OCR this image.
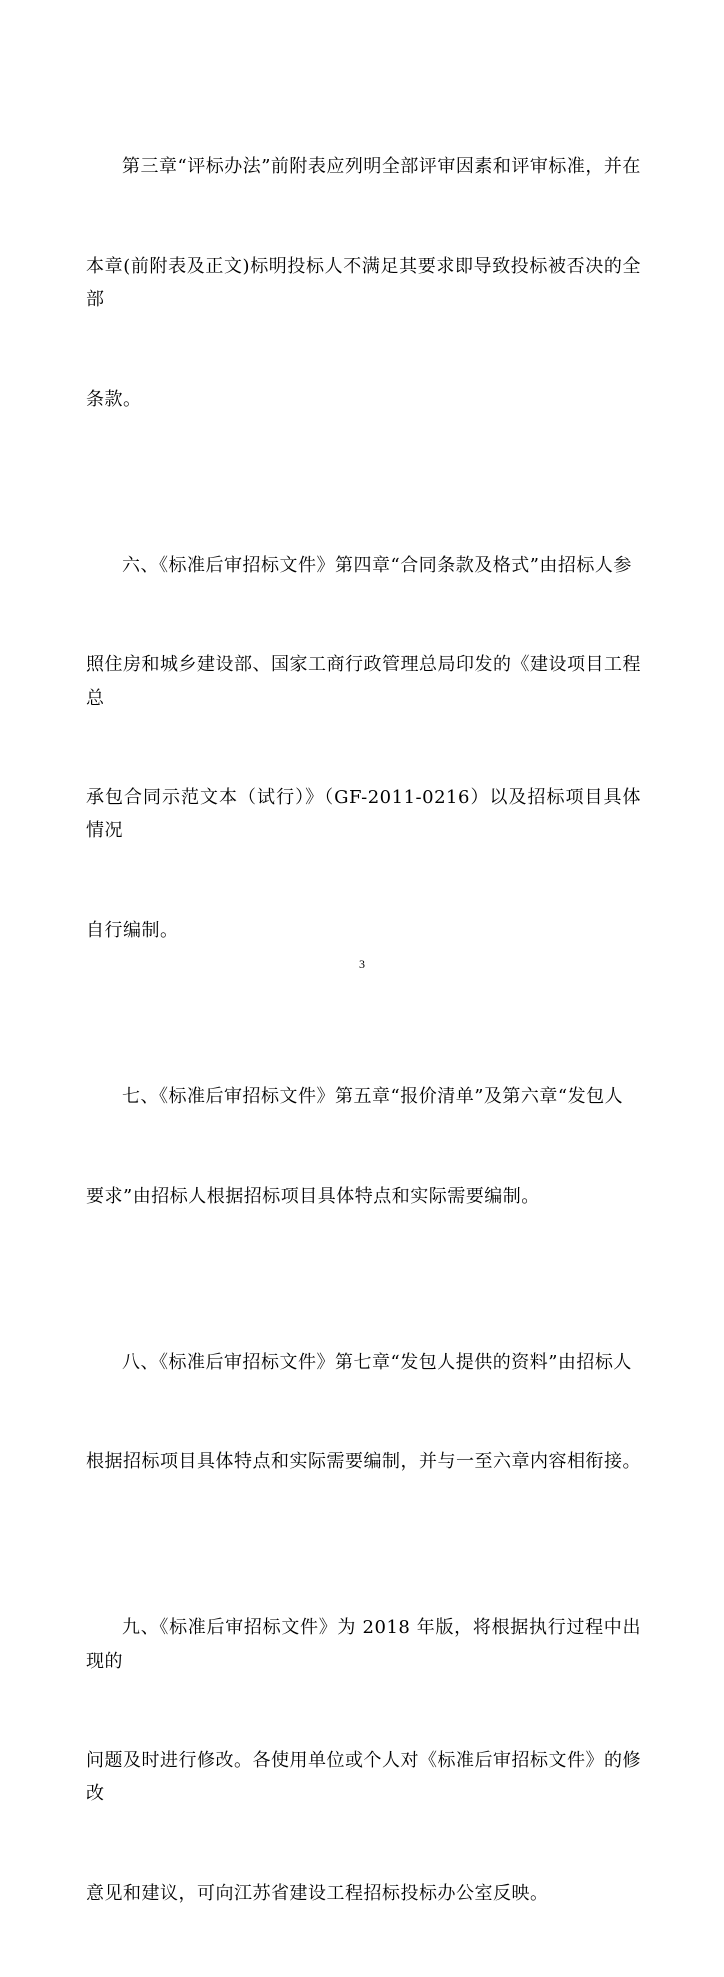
第三章“评标办法”前附表应列明全部评审因素和评审标准，并在

本章(前附表及正文)标明投标人不满足其要求即导致投标被否决的全部

条款。

六、《标准后审招标文件》第四章“合同条款及格式”由招标人参

照住房和城乡建设部、国家工商行政管理总局印发的《建设项目工程总

承包合同示范文本（试行）》（GF-2011-0216）以及招标项目具体情况

自行编制。

七、《标准后审招标文件》第五章“报价清单”及第六章“发包人

要求”由招标人根据招标项目具体特点和实际需要编制。

八、《标准后审招标文件》第七章“发包人提供的资料”由招标人

根据招标项目具体特点和实际需要编制，并与一至六章内容相衔接。

九、《标准后审招标文件》为 2018 年版，将根据执行过程中出现的

问题及时进行修改。各使用单位或个人对《标准后审招标文件》的修改

意见和建议，可向江苏省建设工程招标投标办公室反映。

3
